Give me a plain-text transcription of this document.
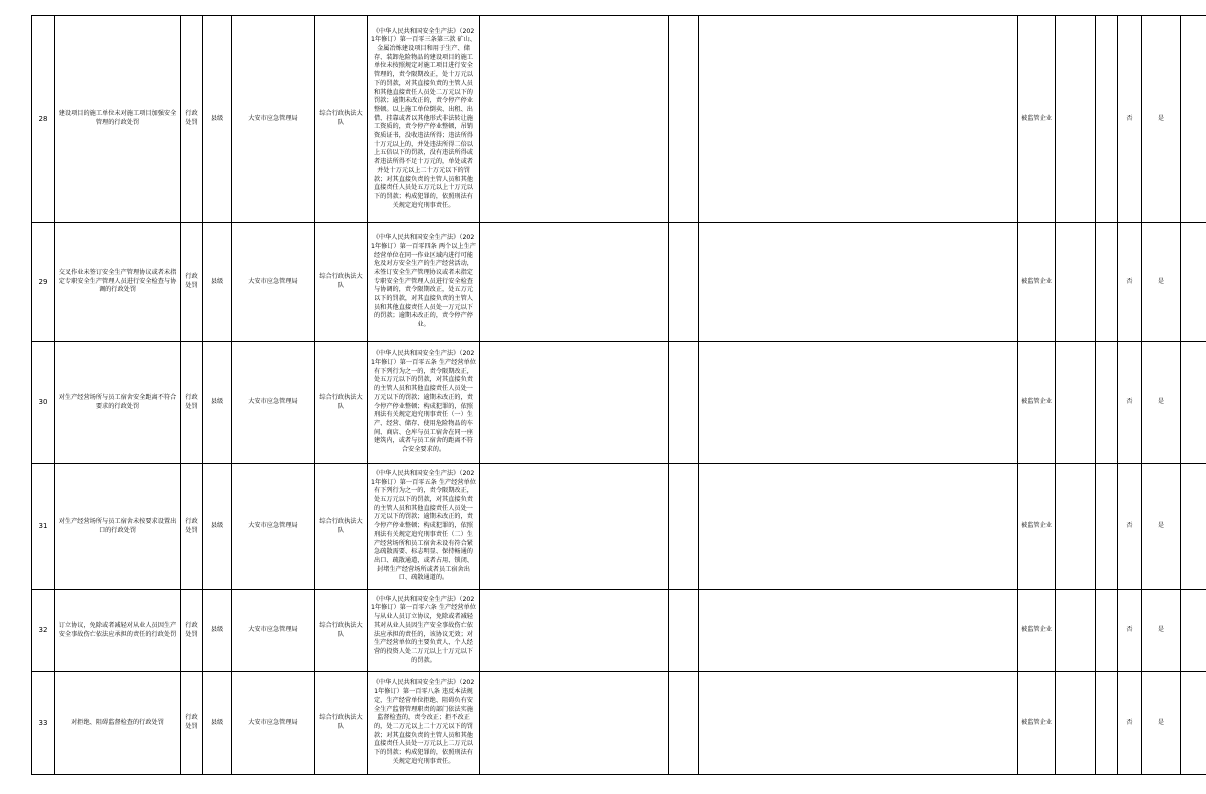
28	建设项目的施工单位未对施工项目加强安全管理的行政处罚	行政处罚	县级	大安市应急管理局	综合行政执法大队	《中华人民共和国安全生产法》（2021年修订）第一百零三条第三款 矿山、金属冶炼建设项目和用于生产、储存、装卸危险物品的建设项目的施工单位未按照规定对施工项目进行安全管理的，责令限期改正，处十万元以下的罚款，对其直接负责的主管人员和其他直接责任人员处二万元以下的罚款；逾期未改正的，责令停产停业整顿。以上施工单位倒卖、出租、出借、挂靠或者以其他形式非法转让施工资质的，责令停产停业整顿，吊销资质证书，没收违法所得；违法所得十万元以上的，并处违法所得二倍以上五倍以下的罚款，没有违法所得或者违法所得不足十万元的，单处或者并处十万元以上二十万元以下的罚款；对其直接负责的主管人员和其他直接责任人员处五万元以上十万元以下的罚款；构成犯罪的，依照刑法有关规定追究刑事责任。				被监管企业			否	是	
29	交叉作业未签订安全生产管理协议或者未指定专职安全生产管理人员进行安全检查与协调的行政处罚	行政处罚	县级	大安市应急管理局	综合行政执法大队	《中华人民共和国安全生产法》（2021年修订）第一百零四条 两个以上生产经营单位在同一作业区域内进行可能危及对方安全生产的生产经营活动，未签订安全生产管理协议或者未指定专职安全生产管理人员进行安全检查与协调的，责令限期改正，处五万元以下的罚款，对其直接负责的主管人员和其他直接责任人员处一万元以下的罚款；逾期未改正的，责令停产停业。				被监管企业			否	是	
30	对生产经营场所与员工宿舍安全距离不符合要求的行政处罚	行政处罚	县级	大安市应急管理局	综合行政执法大队	《中华人民共和国安全生产法》（2021年修订）第一百零五条 生产经营单位有下列行为之一的，责令限期改正，处五万元以下的罚款，对其直接负责的主管人员和其他直接责任人员处一万元以下的罚款；逾期未改正的，责令停产停业整顿；构成犯罪的，依照刑法有关规定追究刑事责任（一）生产、经营、储存、使用危险物品的车间、商店、仓库与员工宿舍在同一座建筑内，或者与员工宿舍的距离不符合安全要求的。				被监管企业			否	是	
31	对生产经营场所与员工宿舍未按要求设置出口的行政处罚	行政处罚	县级	大安市应急管理局	综合行政执法大队	《中华人民共和国安全生产法》（2021年修订）第一百零五条 生产经营单位有下列行为之一的，责令限期改正，处五万元以下的罚款，对其直接负责的主管人员和其他直接责任人员处一万元以下的罚款；逾期未改正的，责令停产停业整顿；构成犯罪的，依照刑法有关规定追究刑事责任（二）生产经营场所和员工宿舍未设有符合紧急疏散需要、标志明显、保持畅通的出口、疏散通道，或者占用、锁闭、封堵生产经营场所或者员工宿舍出口、疏散通道的。				被监管企业			否	是	
32	订立协议，免除或者减轻对从业人员因生产安全事故伤亡依法应承担的责任的行政处罚	行政处罚	县级	大安市应急管理局	综合行政执法大队	《中华人民共和国安全生产法》（2021年修订）第一百零六条 生产经营单位与从业人员订立协议，免除或者减轻其对从业人员因生产安全事故伤亡依法应承担的责任的，该协议无效；对生产经营单位的主要负责人、个人经营的投资人处二万元以上十万元以下的罚款。				被监管企业			否	是	
33	对拒绝、阻碍监督检查的行政处罚	行政处罚	县级	大安市应急管理局	综合行政执法大队	《中华人民共和国安全生产法》（2021年修订）第一百零八条 违反本法规定，生产经营单位拒绝、阻碍负有安全生产监督管理职责的部门依法实施监督检查的，责令改正；拒不改正的，处二万元以上二十万元以下的罚款；对其直接负责的主管人员和其他直接责任人员处一万元以上二万元以下的罚款；构成犯罪的，依照刑法有关规定追究刑事责任。				被监管企业			否	是	
